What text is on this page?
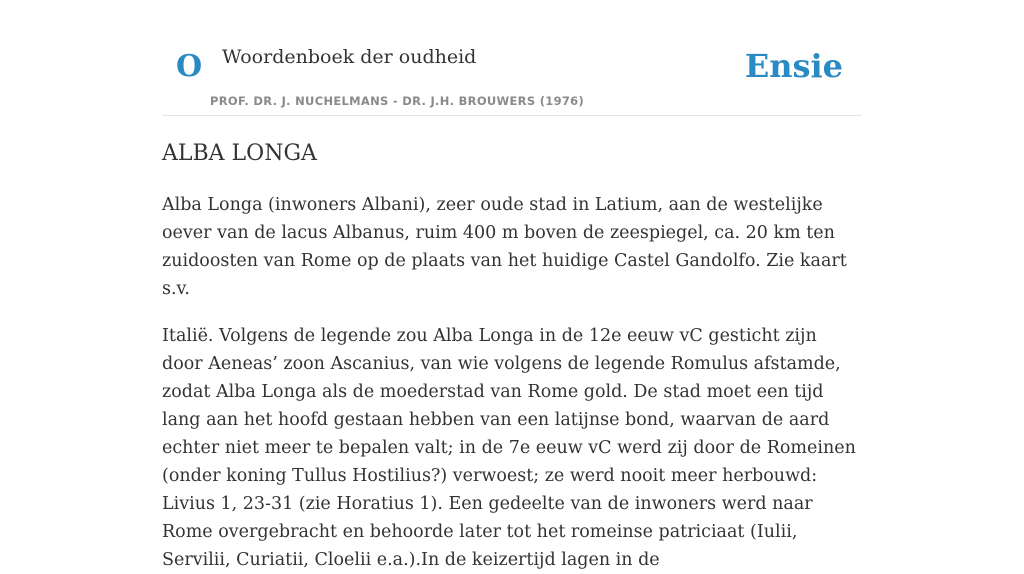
O Woordenboek der oudheid
PROF. DR. J. NUCHELMANS - DR. J.H. BROUWERS (1976)
Ensie
ALBA LONGA

Alba Longa (inwoners Albani), zeer oude stad in Latium, aan de westelijke oever van de lacus Albanus, ruim 400 m boven de zeespiegel, ca. 20 km ten zuidoosten van Rome op de plaats van het huidige Castel Gandolfo. Zie kaart s.v.

Italië. Volgens de legende zou Alba Longa in de 12e eeuw vC gesticht zijn door Aeneas’ zoon Ascanius, van wie volgens de legende Romulus afstamde, zodat Alba Longa als de moederstad van Rome gold. De stad moet een tijd lang aan het hoofd gestaan hebben van een latijnse bond, waarvan de aard echter niet meer te bepalen valt; in de 7e eeuw vC werd zij door de Romeinen (onder koning Tullus Hostilius?) verwoest; ze werd nooit meer herbouwd: Livius 1, 23-31 (zie Horatius 1). Een gedeelte van de inwoners werd naar Rome overgebracht en behoorde later tot het romeinse patriciaat (Iulii, Servilii, Curiatii, Cloelii e.a.).In de keizertijd lagen in de
